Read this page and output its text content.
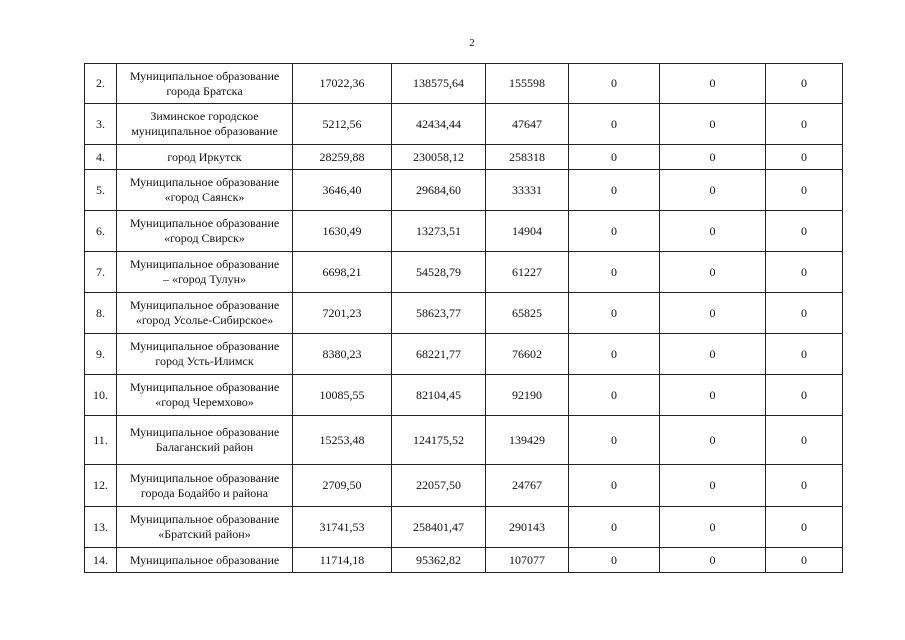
2
2.	Муниципальное образование
города Братска	17022,36	138575,64	155598	0	0	0
3.	Зиминское городское
муниципальное образование	5212,56	42434,44	47647	0	0	0
4.	город Иркутск	28259,88	230058,12	258318	0	0	0
5.	Муниципальное образование
«город Саянск»	3646,40	29684,60	33331	0	0	0
6.	Муниципальное образование
«город Свирск»	1630,49	13273,51	14904	0	0	0
7.	Муниципальное образование
– «город Тулун»	6698,21	54528,79	61227	0	0	0
8.	Муниципальное образование
«город Усолье-Сибирское»	7201,23	58623,77	65825	0	0	0
9.	Муниципальное образование
город Усть-Илимск	8380,23	68221,77	76602	0	0	0
10.	Муниципальное образование
«город Черемхово»	10085,55	82104,45	92190	0	0	0
11.	Муниципальное образование
Балаганский район	15253,48	124175,52	139429	0	0	0
12.	Муниципальное образование
города Бодайбо и района	2709,50	22057,50	24767	0	0	0
13.	Муниципальное образование
«Братский район»	31741,53	258401,47	290143	0	0	0
14.	Муниципальное образование	11714,18	95362,82	107077	0	0	0
